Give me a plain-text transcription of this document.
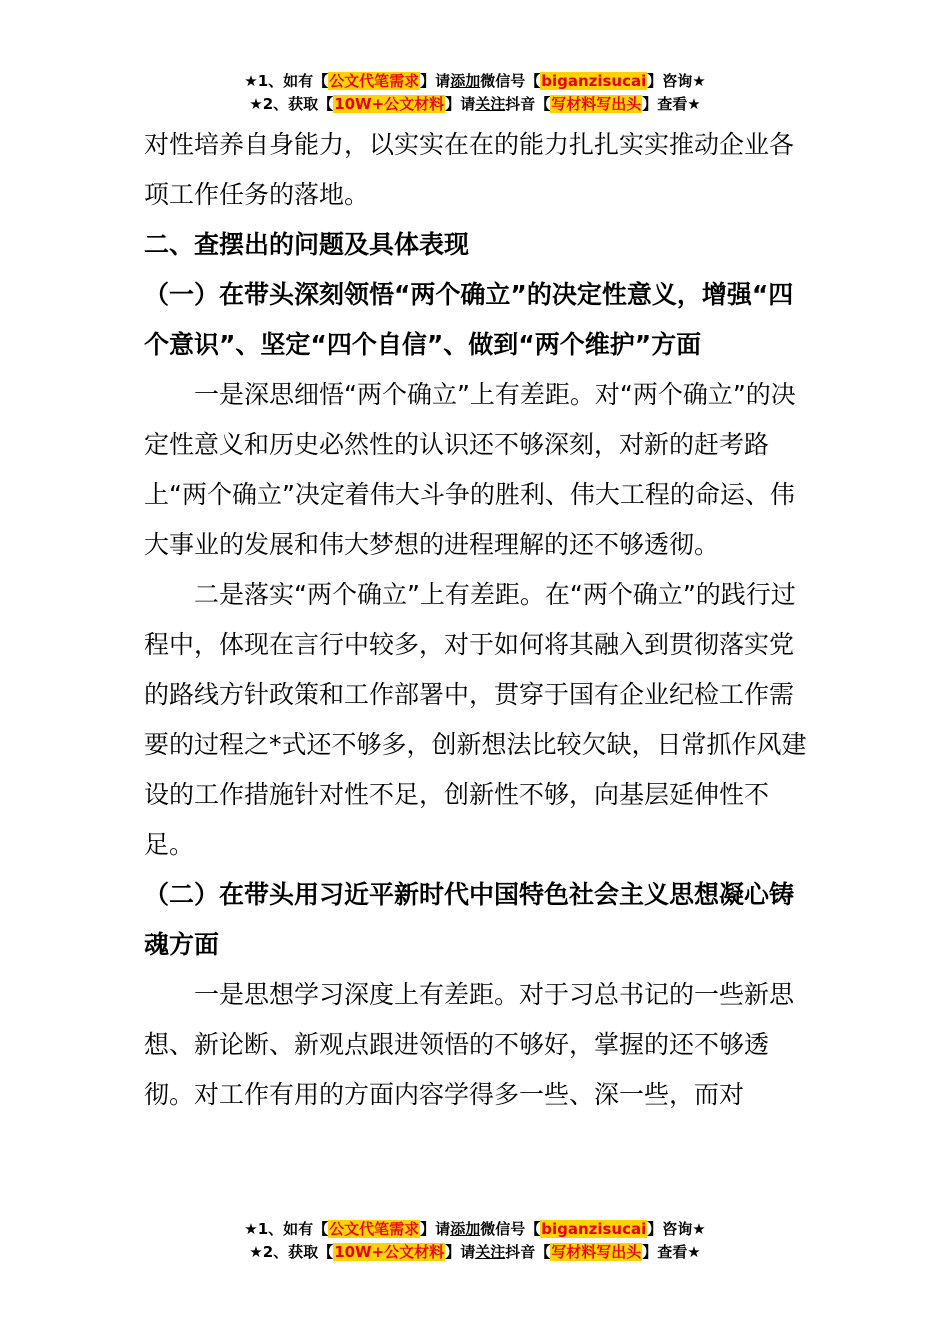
★1、如有【公文代笔需求】请添加微信号【biganzisucai】咨询★
★2、获取【10W+公文材料】请关注抖音【写材料写出头】查看★

对性培养自身能力，以实实在在的能力扎扎实实推动企业各项工作任务的落地。

二、查摆出的问题及具体表现

（一）在带头深刻领悟“两个确立”的决定性意义，增强“四个意识”、坚定“四个自信”、做到“两个维护”方面

一是深思细悟“两个确立”上有差距。对“两个确立”的决定性意义和历史必然性的认识还不够深刻，对新的赶考路上“两个确立”决定着伟大斗争的胜利、伟大工程的命运、伟大事业的发展和伟大梦想的进程理解的还不够透彻。

二是落实“两个确立”上有差距。在“两个确立”的践行过程中，体现在言行中较多，对于如何将其融入到贯彻落实党的路线方针政策和工作部署中，贯穿于国有企业纪检工作需要的过程之*式还不够多，创新想法比较欠缺，日常抓作风建设的工作措施针对性不足，创新性不够，向基层延伸性不足。

（二）在带头用习近平新时代中国特色社会主义思想凝心铸魂方面

一是思想学习深度上有差距。对于习总书记的一些新思想、新论断、新观点跟进领悟的不够好，掌握的还不够透彻。对工作有用的方面内容学得多一些、深一些，而对

★1、如有【公文代笔需求】请添加微信号【biganzisucai】咨询★
★2、获取【10W+公文材料】请关注抖音【写材料写出头】查看★
